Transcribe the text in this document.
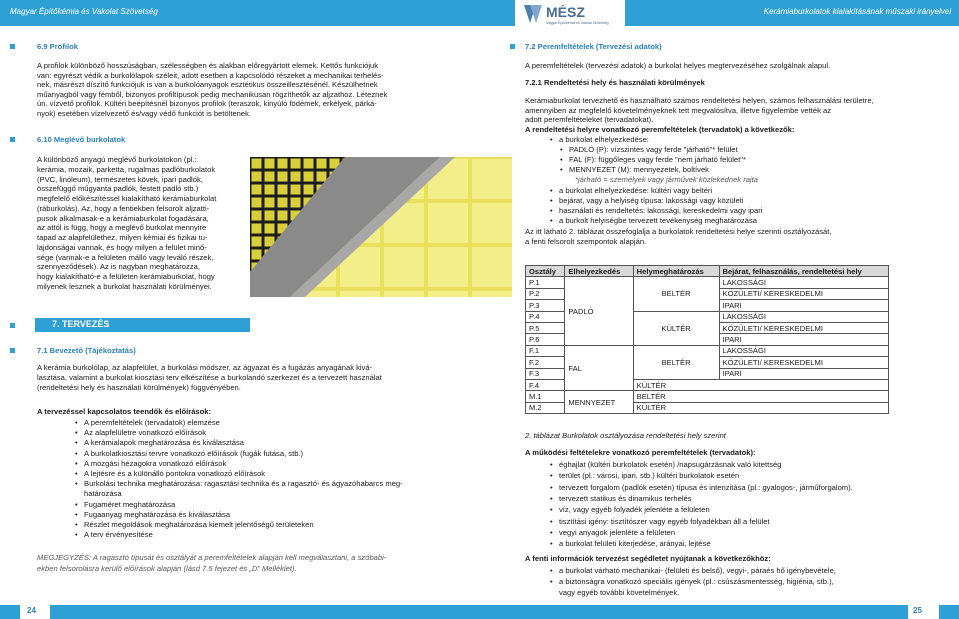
Magyar Építőkémia és Vakolat Szövetség	Kerámiaburkolatok kialakításának műszaki irányelvei
MÉSZ
Magyar Építőkémia és Vakolat Szövetség
6.9 Profilok
A profilok különböző hosszúságban, szélességben és alakban előregyártott elemek. Kettős funkciójuk
van: egyrészt védik a burkolólapok széleit, adott esetben a kapcsolódó részeket a mechanikai terhelés-
nek, másrészt díszítő funkciójuk is van a burkolóanyagok esztétikus összeillesztésénél. Készülhetnek
műanyagból vagy fémből, bizonyos profiltípusok pedig mechanikusan rögzíthetők az aljzathoz. Léteznek
ún. vízvető profilok. Kültéri beépítésnél bizonyos profilok (teraszok, kinyúló födémek, erkélyek, párká-
nyok) esetében vízelvezető és/vagy védő funkciót is betöltenek.
6.10 Meglévő burkolatok
A különböző anyagú meglévő burkolatokon (pl.:
kerámia, mozaik, parketta, rugalmas padlóburkolatok
(PVC, linóleum), természetes kövek, ipari padlók,
összefüggő műgyanta padlók, festett padló stb.)
megfelelő előkészítéssel kialakítható kerámiaburkolat
(ráburkolás). Az, hogy a fentiekben felsorolt aljzatti-
pusok alkalmasak-e a kerámiaburkolat fogadására,
az attól is függ, hogy a meglévő burkolat mennyire
tapad az alapfelülethez, milyen kémiai és fizikai tu-
lajdonságai vannak, és hogy milyen a felület minő-
sége (vannak-e a felületen málló vagy leváló részek,
szennyeződések). Az is nagyban meghatározza,
hogy kialakítható-e a felületen kerámiaburkolat, hogy
milyenek lesznek a burkolat használati körülményei.
7. TERVEZÉS
7.1 Bevezető (Tájékoztatás)
A kerámia burkolólap, az alapfelület, a burkolási módszer, az ágyazat és a fugázás anyagának kivá-
lasztása, valamint a burkolat kiosztási terv elkészítése a burkolandó szerkezet és a tervezett használat
(rendeltetési hely és használati körülmények) függvényében.
A tervezéssel kapcsolatos teendők és előírások:
• A peremfeltételek (tervadatok) elemzése
• Az alapfelületre vonatkozó előírások
• A kerámialapok meghatározása és kiválasztása
• A burkolatkiosztási tervre vonatkozó előírások (fugák futása, stb.)
• A mozgási hézagokra vonatkozó előírások
• A lejtésre és a különálló pontokra vonatkozó előírások
• Burkolási technika meghatározása: ragasztási technika és a ragasztó- és ágyazóhabarcs meg-
határozása
• Fugaméret meghatározása
• Fugaanyag meghatározása és kiválasztása
• Részlet megoldások meghatározása kiemelt jelentőségű területeken
• A terv érvényesítése
MEGJEGYZÉS: A ragasztó típusát és osztályát a peremfeltételek alapján kell megválasztani, a szóbabi-
ekben felsorolásra kerülő előírások alapján (lásd 7.5 fejezet és „D” Melléklet).
24
7.2 Peremfeltételek (Tervezési adatok)
A peremfeltételek (tervezési adatok) a burkolat helyes megtervezéséhez szolgálnak alapul.
7.2.1 Rendeltetési hely és használati körülmények
Kerámiaburkolat tervezhető és használható számos rendeltetési helyen, számos felhasználási területre,
amennyiben az megfelelő követelményeknek tett megvalósítva, illetve figyelembe vették az
adott peremfeltételeket (tervadatokat).
A rendeltetési helyre vonatkozó peremfeltételek (tervadatok) a következők:
• a burkolat elhelyezkedése:
• PADLÓ (P): vízszintes vagy ferde "járható"* felület
• FAL (F): függőleges vagy ferde "nem járható felület"*
• MENNYEZET (M): mennyezetek, boltívek
*járható = személyek vagy járművek közlekednek rajta
• a burkolat elhelyezkedése: kültéri vagy beltéri
• bejárat, vagy a helyiség típusa: lakossági vagy közületi
• használati és rendeltetés: lakossági, kereskedelmi vagy ipari
• a burkolt helyiségbe tervezett tevékenység meghatározása
Az itt látható 2. táblázat összefoglalja a burkolatok rendeltetési helye szerinti osztályozását,
a fenti felsorolt szempontok alapján.
Osztály	Elhelyezkedés	Helymeghatározás	Bejárat, felhasználás, rendeltetési hely
P.1	PADLÓ	BELTÉR	LAKOSSÁGI
P.2			KÖZÜLETI/ KERESKEDELMI
P.3			IPARI
P.4		KÜLTÉR	LAKOSSÁGI
P.5			KÖZÜLETI/ KERESKEDELMI
P.6			IPARI
F.1	FAL	BELTÉR	LAKOSSÁGI
F.2			KÖZÜLETI/ KERESKEDELMI
F.3			IPARI
F.4		KÜLTÉR	
M.1	MENNYEZET	BELTÉR	
M.2		KÜLTÉR	
2. táblázat Burkolatok osztályozása rendeltetési hely szerint
A működési feltételekre vonatkozó peremfeltételek (tervadatok):
• éghajlat (kültéri burkolatok esetén) /napsugárzásnak való kitettség
• terület (pl.: városi, ipari, stb.) kültéri burkolatok esetén
• tervezett forgalom (padlók esetén) típusa és intenzitása (pl.: gyalogos-, járműforgalom).
• tervezett statikus és dinamikus terhelés
• víz, vagy egyéb folyadék jelenléte a felületen
• tisztítási igény: tisztítószer vagy egyéb folyadékban áll a felület
• vegyi anyagok jelenléte a felületen
• a burkolat felületi kiterjedése, arányai, lejtése
A fenti információk tervezést segédletet nyújtanak a következőkhöz:
• a burkolat várható mechanikai- (felületi és belső), vegyi-, páraés hő igénybevétele,
• a biztonságra vonatkozó speciális igények (pl.: csúszásmentesség, higiénia, stb.),
vagy egyéb további követelmények.
25
